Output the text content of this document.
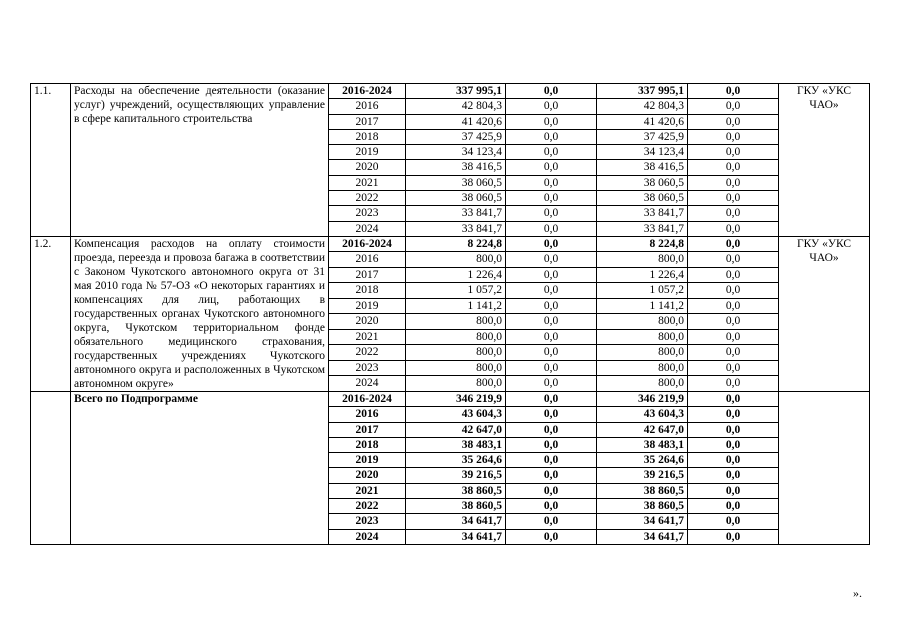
1.1.	Расходы на обеспечение деятельности (оказание услуг) учреждений, осуществляющих управление в сфере капитального строительства	2016-2024	337 995,1	0,0	337 995,1	0,0	ГКУ «УКС ЧАО»
		2016	42 804,3	0,0	42 804,3	0,0	
		2017	41 420,6	0,0	41 420,6	0,0	
		2018	37 425,9	0,0	37 425,9	0,0	
		2019	34 123,4	0,0	34 123,4	0,0	
		2020	38 416,5	0,0	38 416,5	0,0	
		2021	38 060,5	0,0	38 060,5	0,0	
		2022	38 060,5	0,0	38 060,5	0,0	
		2023	33 841,7	0,0	33 841,7	0,0	
		2024	33 841,7	0,0	33 841,7	0,0	
1.2.	Компенсация расходов на оплату стоимости проезда, переезда и провоза багажа в соответствии с Законом Чукотского автономного округа от 31 мая 2010 года № 57-ОЗ «О некоторых гарантиях и компенсациях для лиц, работающих в государственных органах Чукотского автономного округа, Чукотском территориальном фонде обязательного медицинского страхования, государственных учреждениях Чукотского автономного округа и расположенных в Чукотском автономном округе»	2016-2024	8 224,8	0,0	8 224,8	0,0	ГКУ «УКС ЧАО»
		2016	800,0	0,0	800,0	0,0	
		2017	1 226,4	0,0	1 226,4	0,0	
		2018	1 057,2	0,0	1 057,2	0,0	
		2019	1 141,2	0,0	1 141,2	0,0	
		2020	800,0	0,0	800,0	0,0	
		2021	800,0	0,0	800,0	0,0	
		2022	800,0	0,0	800,0	0,0	
		2023	800,0	0,0	800,0	0,0	
		2024	800,0	0,0	800,0	0,0	
	Всего по Подпрограмме	2016-2024	346 219,9	0,0	346 219,9	0,0	
		2016	43 604,3	0,0	43 604,3	0,0	
		2017	42 647,0	0,0	42 647,0	0,0	
		2018	38 483,1	0,0	38 483,1	0,0	
		2019	35 264,6	0,0	35 264,6	0,0	
		2020	39 216,5	0,0	39 216,5	0,0	
		2021	38 860,5	0,0	38 860,5	0,0	
		2022	38 860,5	0,0	38 860,5	0,0	
		2023	34 641,7	0,0	34 641,7	0,0	
		2024	34 641,7	0,0	34 641,7	0,0	
».
